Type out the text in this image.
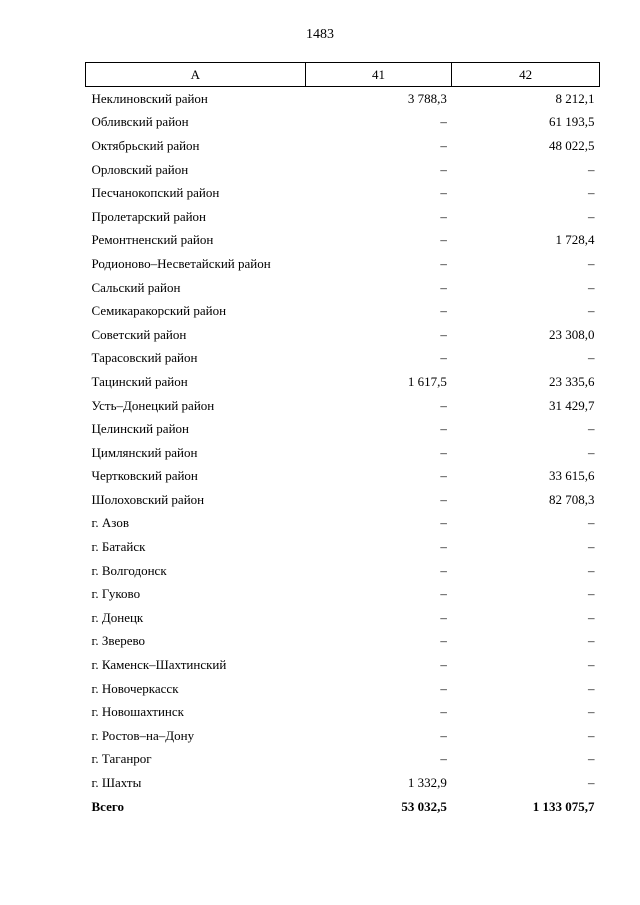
1483
А	41	42
Неклиновский район	3 788,3	8 212,1
Обливский район	–	61 193,5
Октябрьский район	–	48 022,5
Орловский район	–	–
Песчанокопский район	–	–
Пролетарский район	–	–
Ремонтненский район	–	1 728,4
Родионово–Несветайский район	–	–
Сальский район	–	–
Семикаракорский район	–	–
Советский район	–	23 308,0
Тарасовский район	–	–
Тацинский район	1 617,5	23 335,6
Усть–Донецкий район	–	31 429,7
Целинский район	–	–
Цимлянский район	–	–
Чертковский район	–	33 615,6
Шолоховский район	–	82 708,3
г. Азов	–	–
г. Батайск	–	–
г. Волгодонск	–	–
г. Гуково	–	–
г. Донецк	–	–
г. Зверево	–	–
г. Каменск–Шахтинский	–	–
г. Новочеркасск	–	–
г. Новошахтинск	–	–
г. Ростов–на–Дону	–	–
г. Таганрог	–	–
г. Шахты	1 332,9	–
Всего	53 032,5	1 133 075,7
